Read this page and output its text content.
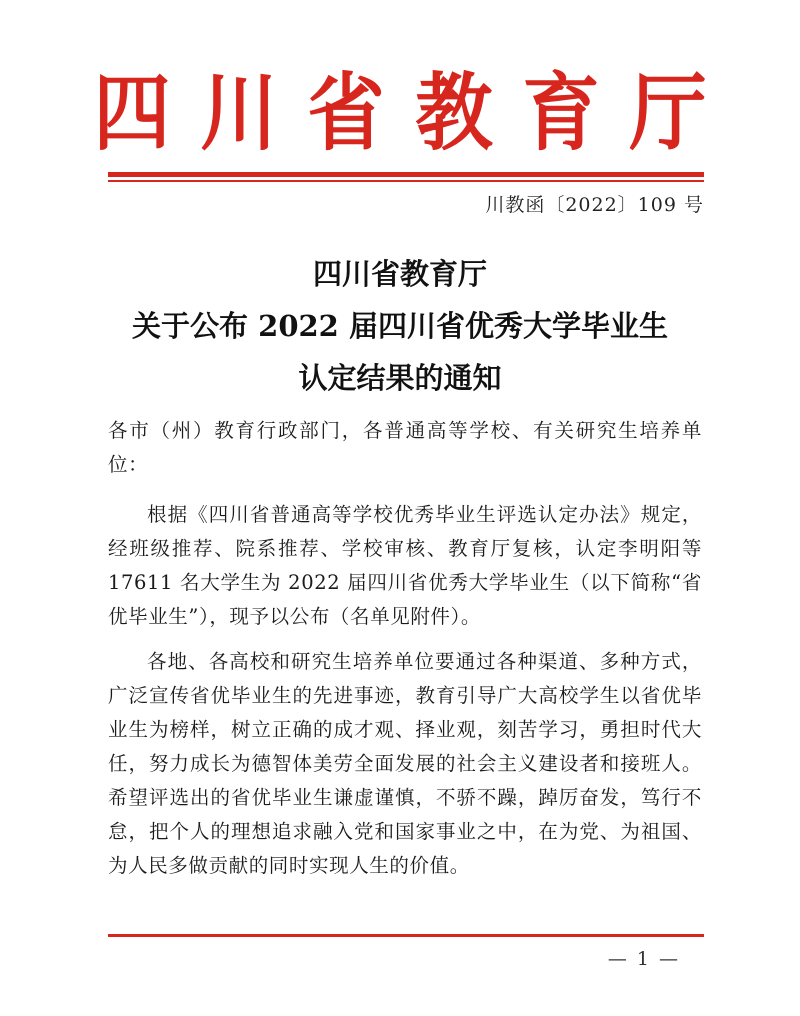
四 川 省 教 育 厅
川教函〔2022〕109 号
四川省教育厅
关于公布 2022 届四川省优秀大学毕业生
认定结果的通知

各市（州）教育行政部门，各普通高等学校、有关研究生培养单位：

根据《四川省普通高等学校优秀毕业生评选认定办法》规定，经班级推荐、院系推荐、学校审核、教育厅复核，认定李明阳等 17611 名大学生为 2022 届四川省优秀大学毕业生（以下简称“省优毕业生”），现予以公布（名单见附件）。

各地、各高校和研究生培养单位要通过各种渠道、多种方式，广泛宣传省优毕业生的先进事迹，教育引导广大高校学生以省优毕业生为榜样，树立正确的成才观、择业观，刻苦学习，勇担时代大任，努力成长为德智体美劳全面发展的社会主义建设者和接班人。希望评选出的省优毕业生谦虚谨慎，不骄不躁，踔厉奋发，笃行不怠，把个人的理想追求融入党和国家事业之中，在为党、为祖国、为人民多做贡献的同时实现人生的价值。

— 1 —
